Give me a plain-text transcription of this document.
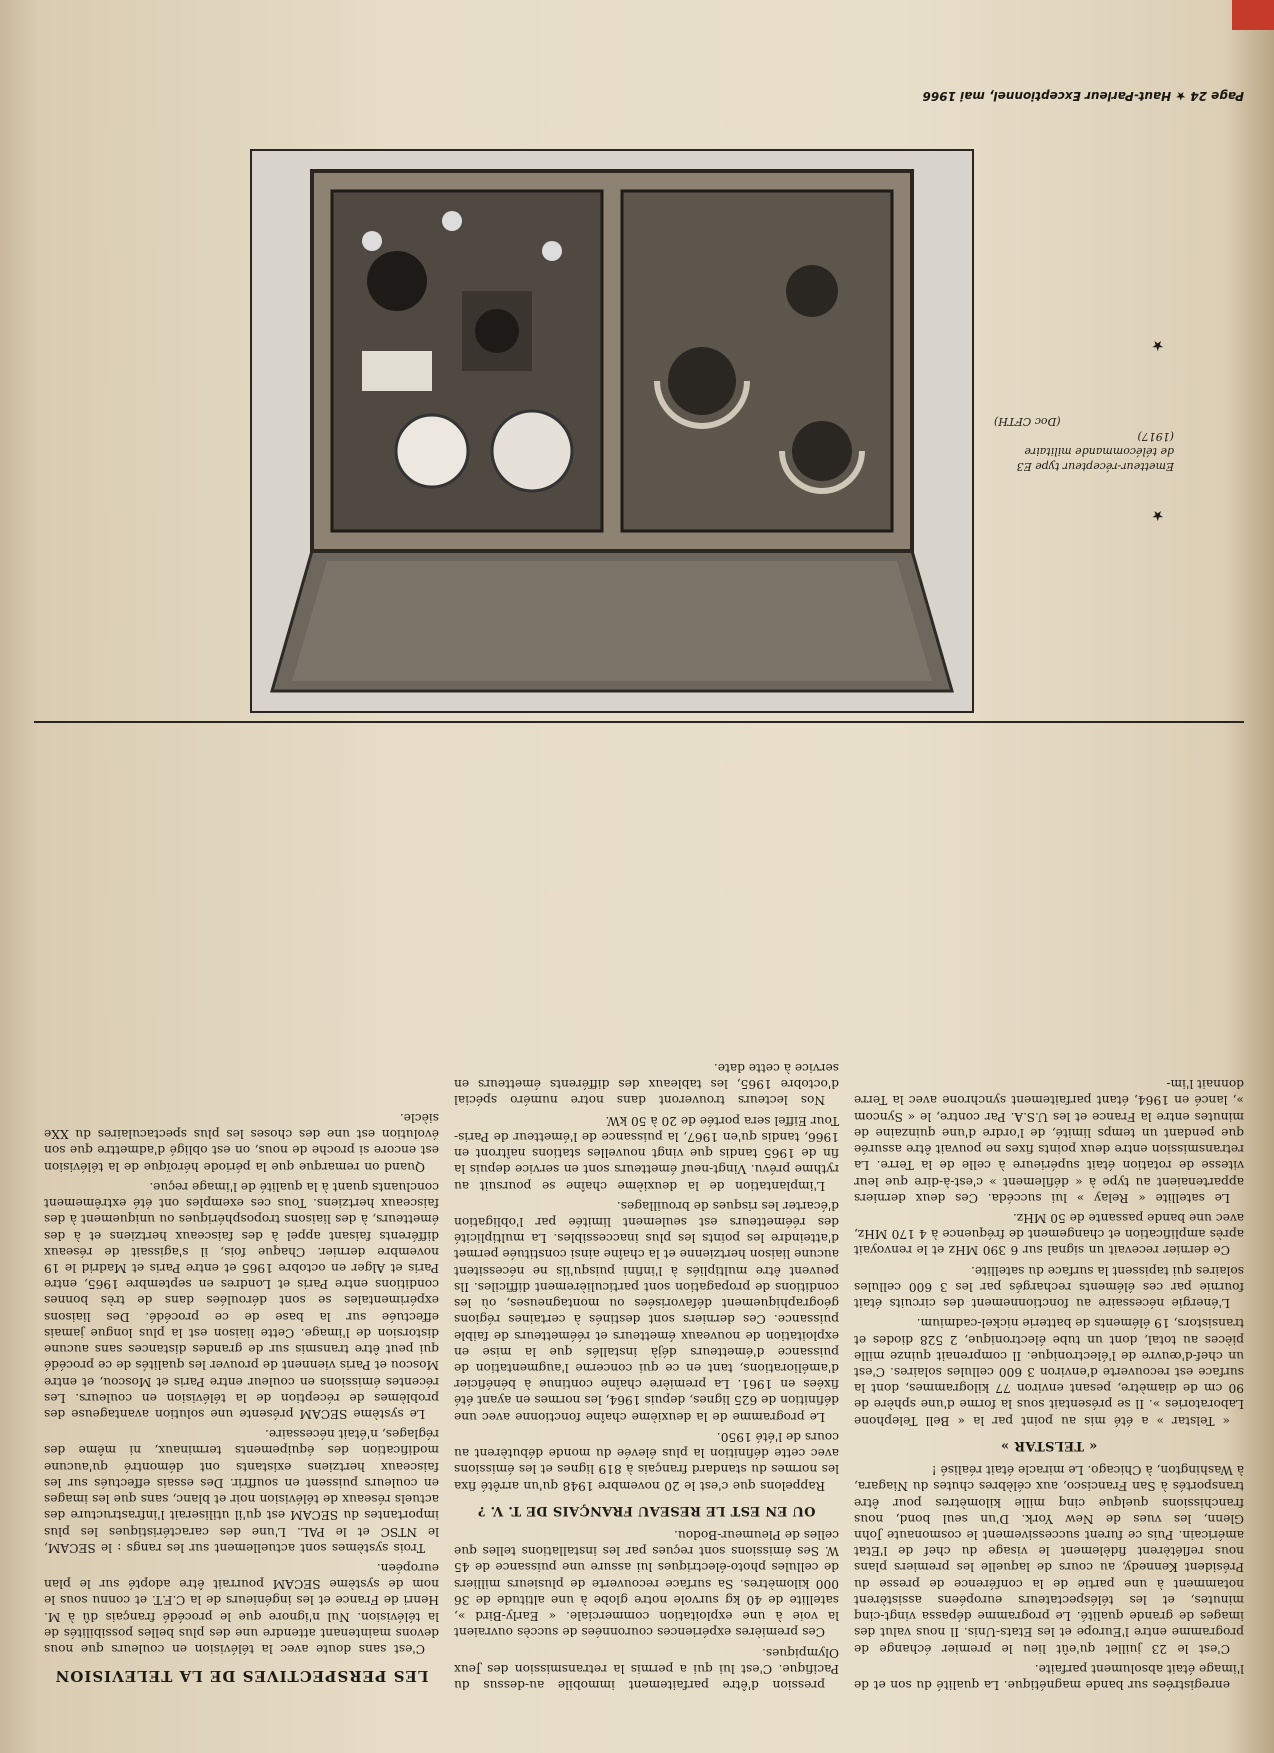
Page 24 ★ Haut-Parleur Exceptionnel, mai 1966
Emetteur-récepteur type E3
de télécommande militaire
(1917)
(Doc CFTH)
★
★

enregistrées sur bande magnétique. La qualité du son et de l'image était absolument parfaite.

C'est le 23 juillet qu'eût lieu le premier échange de programme entre l'Europe et les Etats-Unis. Il nous valut des images de grande qualité. Le programme dépassa vingt-cinq minutes, et les téléspectateurs européens assistèrent notamment à une partie de la conférence de presse du Président Kennedy, au cours de laquelle les premiers plans nous reflétèrent fidèlement le visage du chef de l'Etat américain. Puis ce furent successivement le cosmonaute John Glenn, les vues de New York. D'un seul bond, nous franchissions quelque cinq mille kilomètres pour être transportés à San Francisco, aux célèbres chutes du Niagara, à Washington, à Chicago. Le miracle était réalisé !

« TELSTAR »

« Telstar » a été mis au point par la « Bell Telephone Laboratories ». Il se présentait sous la forme d'une sphère de 90 cm de diamètre, pesant environ 77 kilogrammes, dont la surface est recouverte d'environ 3 600 cellules solaires. C'est un chef-d'œuvre de l'électronique. Il comprenait quinze mille pièces au total, dont un tube électronique, 2 528 diodes et transistors, 19 éléments de batterie nickel-cadmium.

L'énergie nécessaire au fonctionnement des circuits était fournie par ces éléments rechargés par les 3 600 cellules solaires qui tapissent la surface du satellite.

Ce dernier recevait un signal sur 6 390 MHz et le renvoyait après amplification et changement de fréquence à 4 170 MHz, avec une bande passante de 50 MHz.

Le satellite « Relay » lui succéda. Ces deux derniers appartenaient au type à « défilement » c'est-à-dire que leur vitesse de rotation était supérieure à celle de la Terre. La retransmission entre deux points fixes ne pouvait être assurée que pendant un temps limité, de l'ordre d'une quinzaine de minutes entre la France et les U.S.A. Par contre, le « Syncom », lancé en 1964, étant parfaitement synchrone avec la Terre donnait l'im-

pression d'être parfaitement immobile au-dessus du Pacifique. C'est lui qui a permis la retransmission des Jeux Olympiques.

Ces premières expériences couronnées de succès ouvraient la voie à une exploitation commerciale. « Early-Bird », satellite de 40 kg survole notre globe à une altitude de 36 000 kilomètres. Sa surface recouverte de plusieurs milliers de cellules photo-électriques lui assure une puissance de 45 W. Ses émissions sont reçues par les installations telles que celles de Pleumeur-Bodou.

OU EN EST LE RESEAU FRANÇAIS DE T. V. ?

Rappelons que c'est le 20 novembre 1948 qu'un arrêté fixa les normes du standard français à 819 lignes et les émissions avec cette définition la plus élevée du monde débutèrent au cours de l'été 1950.

Le programme de la deuxième chaîne fonctionne avec une définition de 625 lignes, depuis 1964, les normes en ayant été fixées en 1961. La première chaîne continue à bénéficier d'améliorations, tant en ce qui concerne l'augmentation de puissance d'émetteurs déjà installés que la mise en exploitation de nouveaux émetteurs et réémetteurs de faible puissance. Ces derniers sont destinés à certaines régions géographiquement défavorisées ou montagneuses, où les conditions de propagation sont particulièrement difficiles. Ils peuvent être multipliés à l'infini puisqu'ils ne nécessitent aucune liaison hertzienne et la chaîne ainsi constituée permet d'atteindre les points les plus inaccessibles. La multiplicité des réémetteurs est seulement limitée par l'obligation d'écarter les risques de brouillages.

L'implantation de la deuxième chaîne se poursuit au rythme prévu. Vingt-neuf émetteurs sont en service depuis la fin de 1965 tandis que vingt nouvelles stations naîtront en 1966, tandis qu'en 1967, la puissance de l'émetteur de Paris-Tour Eiffel sera portée de 20 à 50 kW.

Nos lecteurs trouveront dans notre numéro spécial d'octobre 1965, les tableaux des différents émetteurs en service à cette date.

LES PERSPECTIVES DE LA TELEVISION

C'est sans doute avec la télévision en couleurs que nous devons maintenant attendre une des plus belles possibilités de la télévision. Nul n'ignore que le procédé français dû à M. Henri de France et les ingénieurs de la C.F.T. et connu sous le nom de système SECAM pourrait être adopté sur le plan européen.

Trois systèmes sont actuellement sur les rangs : le SECAM, le NTSC et le PAL. L'une des caractéristiques les plus importantes du SECAM est qu'il utiliserait l'infrastructure des actuels réseaux de télévision noir et blanc, sans que les images en couleurs puissent en souffrir. Des essais effectués sur les faisceaux hertziens existants ont démontré qu'aucune modification des équipements terminaux, ni même des réglages, n'était nécessaire.

Le système SECAM présente une solution avantageuse des problèmes de réception de la télévision en couleurs. Les récentes émissions en couleur entre Paris et Moscou, et entre Moscou et Paris viennent de prouver les qualités de ce procédé qui peut être transmis sur de grandes distances sans aucune distorsion de l'image. Cette liaison est la plus longue jamais effectuée sur la base de ce procédé. Des liaisons expérimentales se sont déroulées dans de très bonnes conditions entre Paris et Londres en septembre 1965, entre Paris et Alger en octobre 1965 et entre Paris et Madrid le 19 novembre dernier. Chaque fois, il s'agissait de réseaux différents faisant appel à des faisceaux hertziens et à des émetteurs, à des liaisons troposphériques ou uniquement à des faisceaux hertziens. Tous ces exemples ont été extrêmement concluants quant à la qualité de l'image reçue.

Quand on remarque que la période héroïque de la télévision est encore si proche de nous, on est obligé d'admettre que son évolution est une des choses les plus spectaculaires du XXe siècle.
